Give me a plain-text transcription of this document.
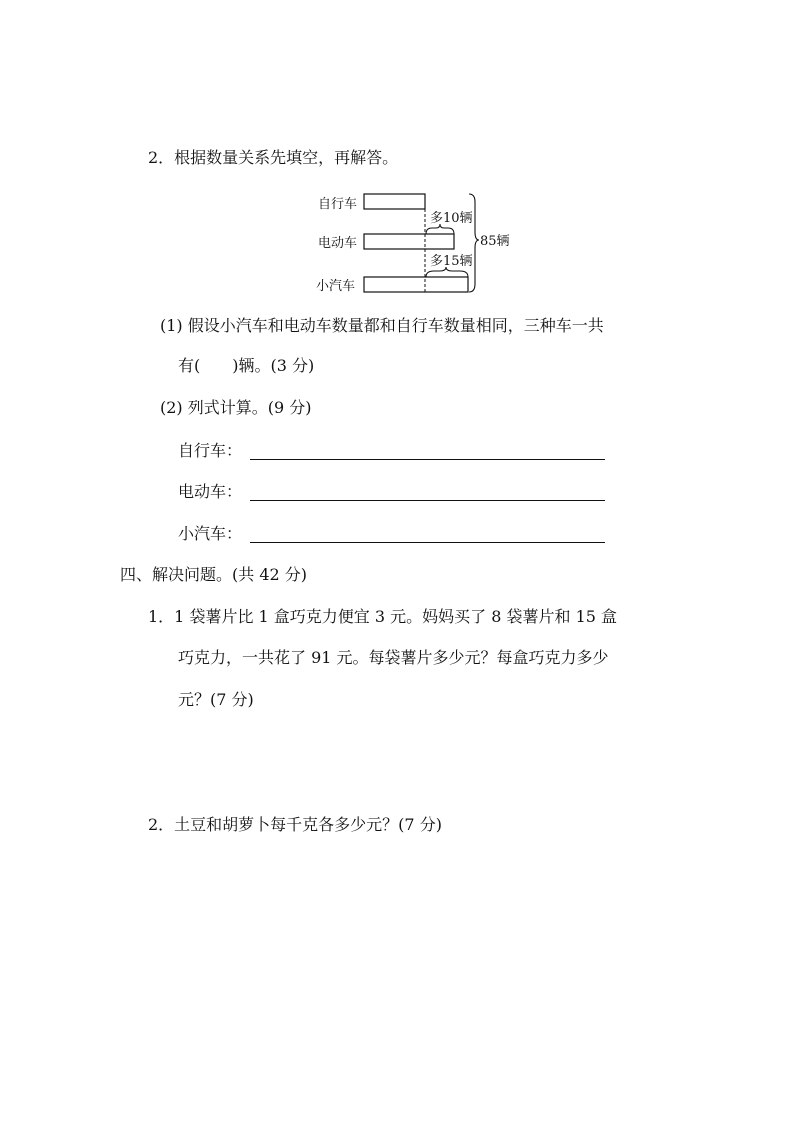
2．根据数量关系先填空，再解答。
自行车
电动车
小汽车
多10辆
多15辆
85辆
(1) 假设小汽车和电动车数量都和自行车数量相同，三种车一共
有(　　)辆。(3 分)
(2) 列式计算。(9 分)
自行车：
电动车：
小汽车：
四、解决问题。(共 42 分)
1．1 袋薯片比 1 盒巧克力便宜 3 元。妈妈买了 8 袋薯片和 15 盒
巧克力，一共花了 91 元。每袋薯片多少元？每盒巧克力多少
元？(7 分)
2．土豆和胡萝卜每千克各多少元？(7 分)
